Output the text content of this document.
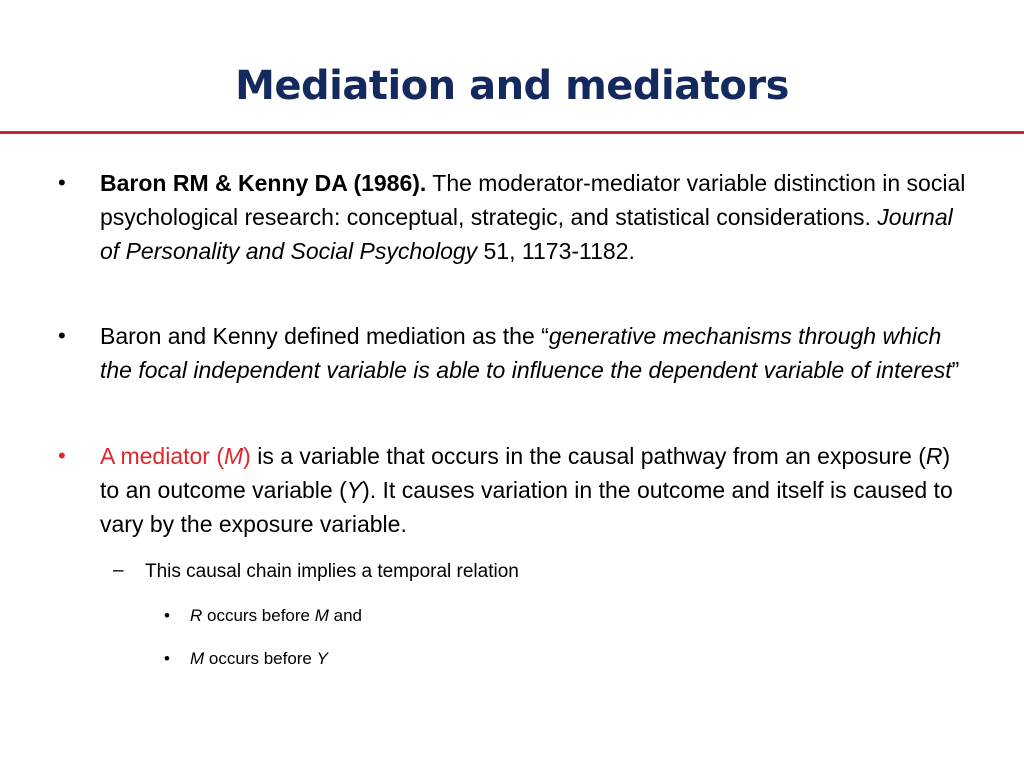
Mediation and mediators
•	Baron RM & Kenny DA (1986). The moderator-mediator variable distinction in social psychological research: conceptual, strategic, and statistical considerations. Journal of Personality and Social Psychology 51, 1173-1182.
•	Baron and Kenny defined mediation as the “generative mechanisms through which the focal independent variable is able to influence the dependent variable of interest”
•	A mediator (M) is a variable that occurs in the causal pathway from an exposure (R) to an outcome variable (Y). It causes variation in the outcome and itself is caused to vary by the exposure variable.
– This causal chain implies a temporal relation
• R occurs before M and
• M occurs before Y
